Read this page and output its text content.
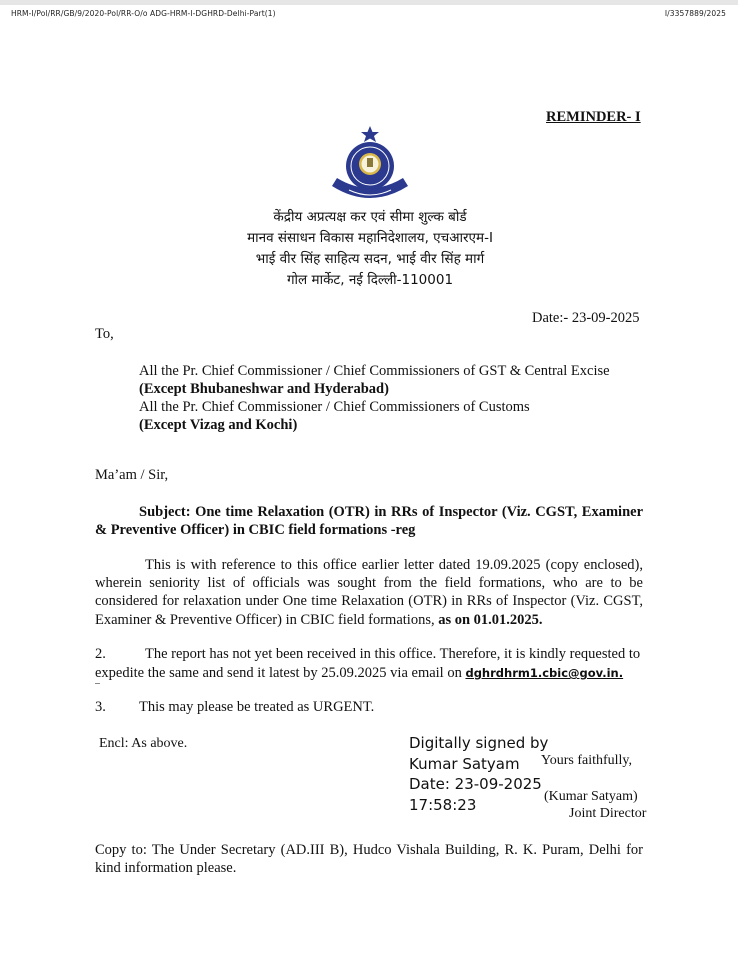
HRM-I/Pol/RR/GB/9/2020-Pol/RR-O/o ADG-HRM-I-DGHRD-Delhi-Part(1)	I/3357889/2025
REMINDER- I
केंद्रीय अप्रत्यक्ष कर एवं सीमा शुल्क बोर्ड
मानव संसाधन विकास महानिदेशालय, एचआरएम-I
भाई वीर सिंह साहित्य सदन, भाई वीर सिंह मार्ग
गोल मार्केट, नई दिल्ली-110001
Date:- 23-09-2025
To,
All the Pr. Chief Commissioner / Chief Commissioners of GST & Central Excise
(Except Bhubaneshwar and Hyderabad)
All the Pr. Chief Commissioner / Chief Commissioners of Customs
(Except Vizag and Kochi)
Ma’am / Sir,
Subject: One time Relaxation (OTR) in RRs of Inspector (Viz. CGST, Examiner & Preventive Officer) in CBIC field formations -reg
This is with reference to this office earlier letter dated 19.09.2025 (copy enclosed), wherein seniority list of officials was sought from the field formations, who are to be considered for relaxation under One time Relaxation (OTR) in RRs of Inspector (Viz. CGST, Examiner & Preventive Officer) in CBIC field formations, as on 01.01.2025.
2.	The report has not yet been received in this office. Therefore, it is kindly requested to expedite the same and send it latest by 25.09.2025 via email on dghrdhrm1.cbic@gov.in.
3. This may please be treated as URGENT.
Encl: As above.	Digitally signed by
Kumar Satyam
Date: 23-09-2025
17:58:23
Yours faithfully,
(Kumar Satyam)
Joint Director
Copy to: The Under Secretary (AD.III B), Hudco Vishala Building, R. K. Puram, Delhi for kind information please.
